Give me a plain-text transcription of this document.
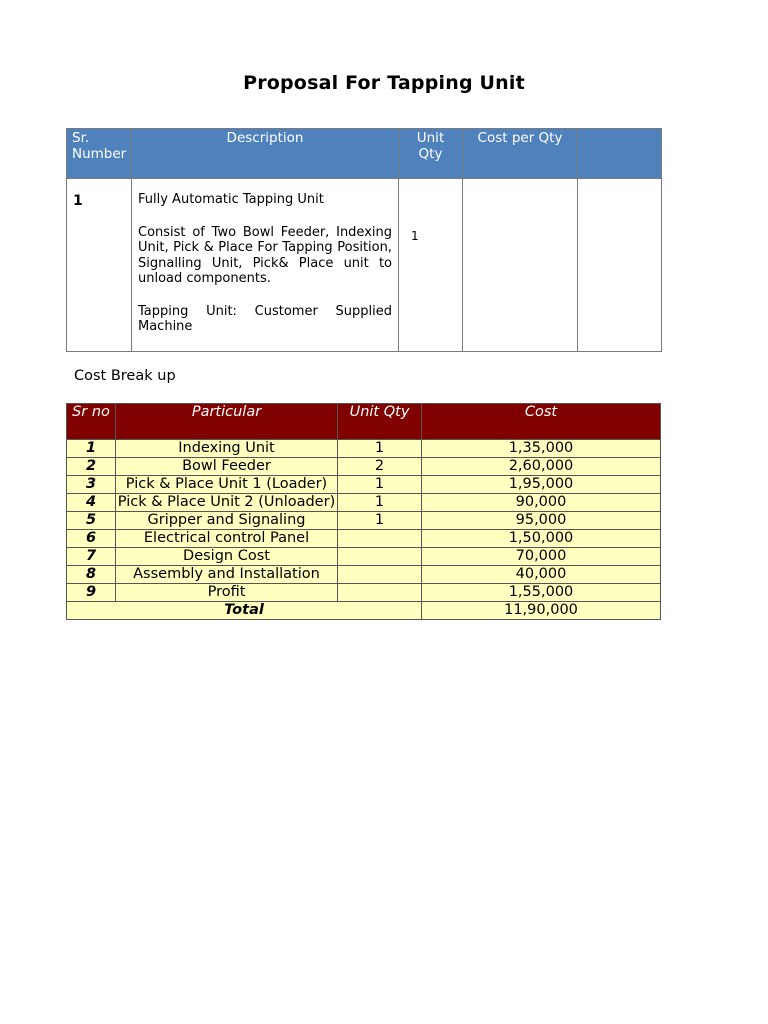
Proposal For Tapping Unit
Sr. Number	Description	Unit Qty	Cost per Qty	

1	Fully Automatic Tapping Unit

Consist of Two Bowl Feeder, Indexing Unit, Pick & Place For Tapping Position, Signalling Unit, Pick& Place unit to unload components.

Tapping Unit: Customer Supplied Machine	1		

Cost Break up
Sr no	Particular	Unit Qty	Cost
1	Indexing Unit	1	1,35,000
2	Bowl Feeder	2	2,60,000
3	Pick & Place Unit 1 (Loader)	1	1,95,000
4	Pick & Place Unit 2 (Unloader)	1	90,000
5	Gripper and Signaling	1	95,000
6	Electrical control Panel		1,50,000
7	Design Cost		70,000
8	Assembly and Installation		40,000
9	Profit		1,55,000
Total			11,90,000
